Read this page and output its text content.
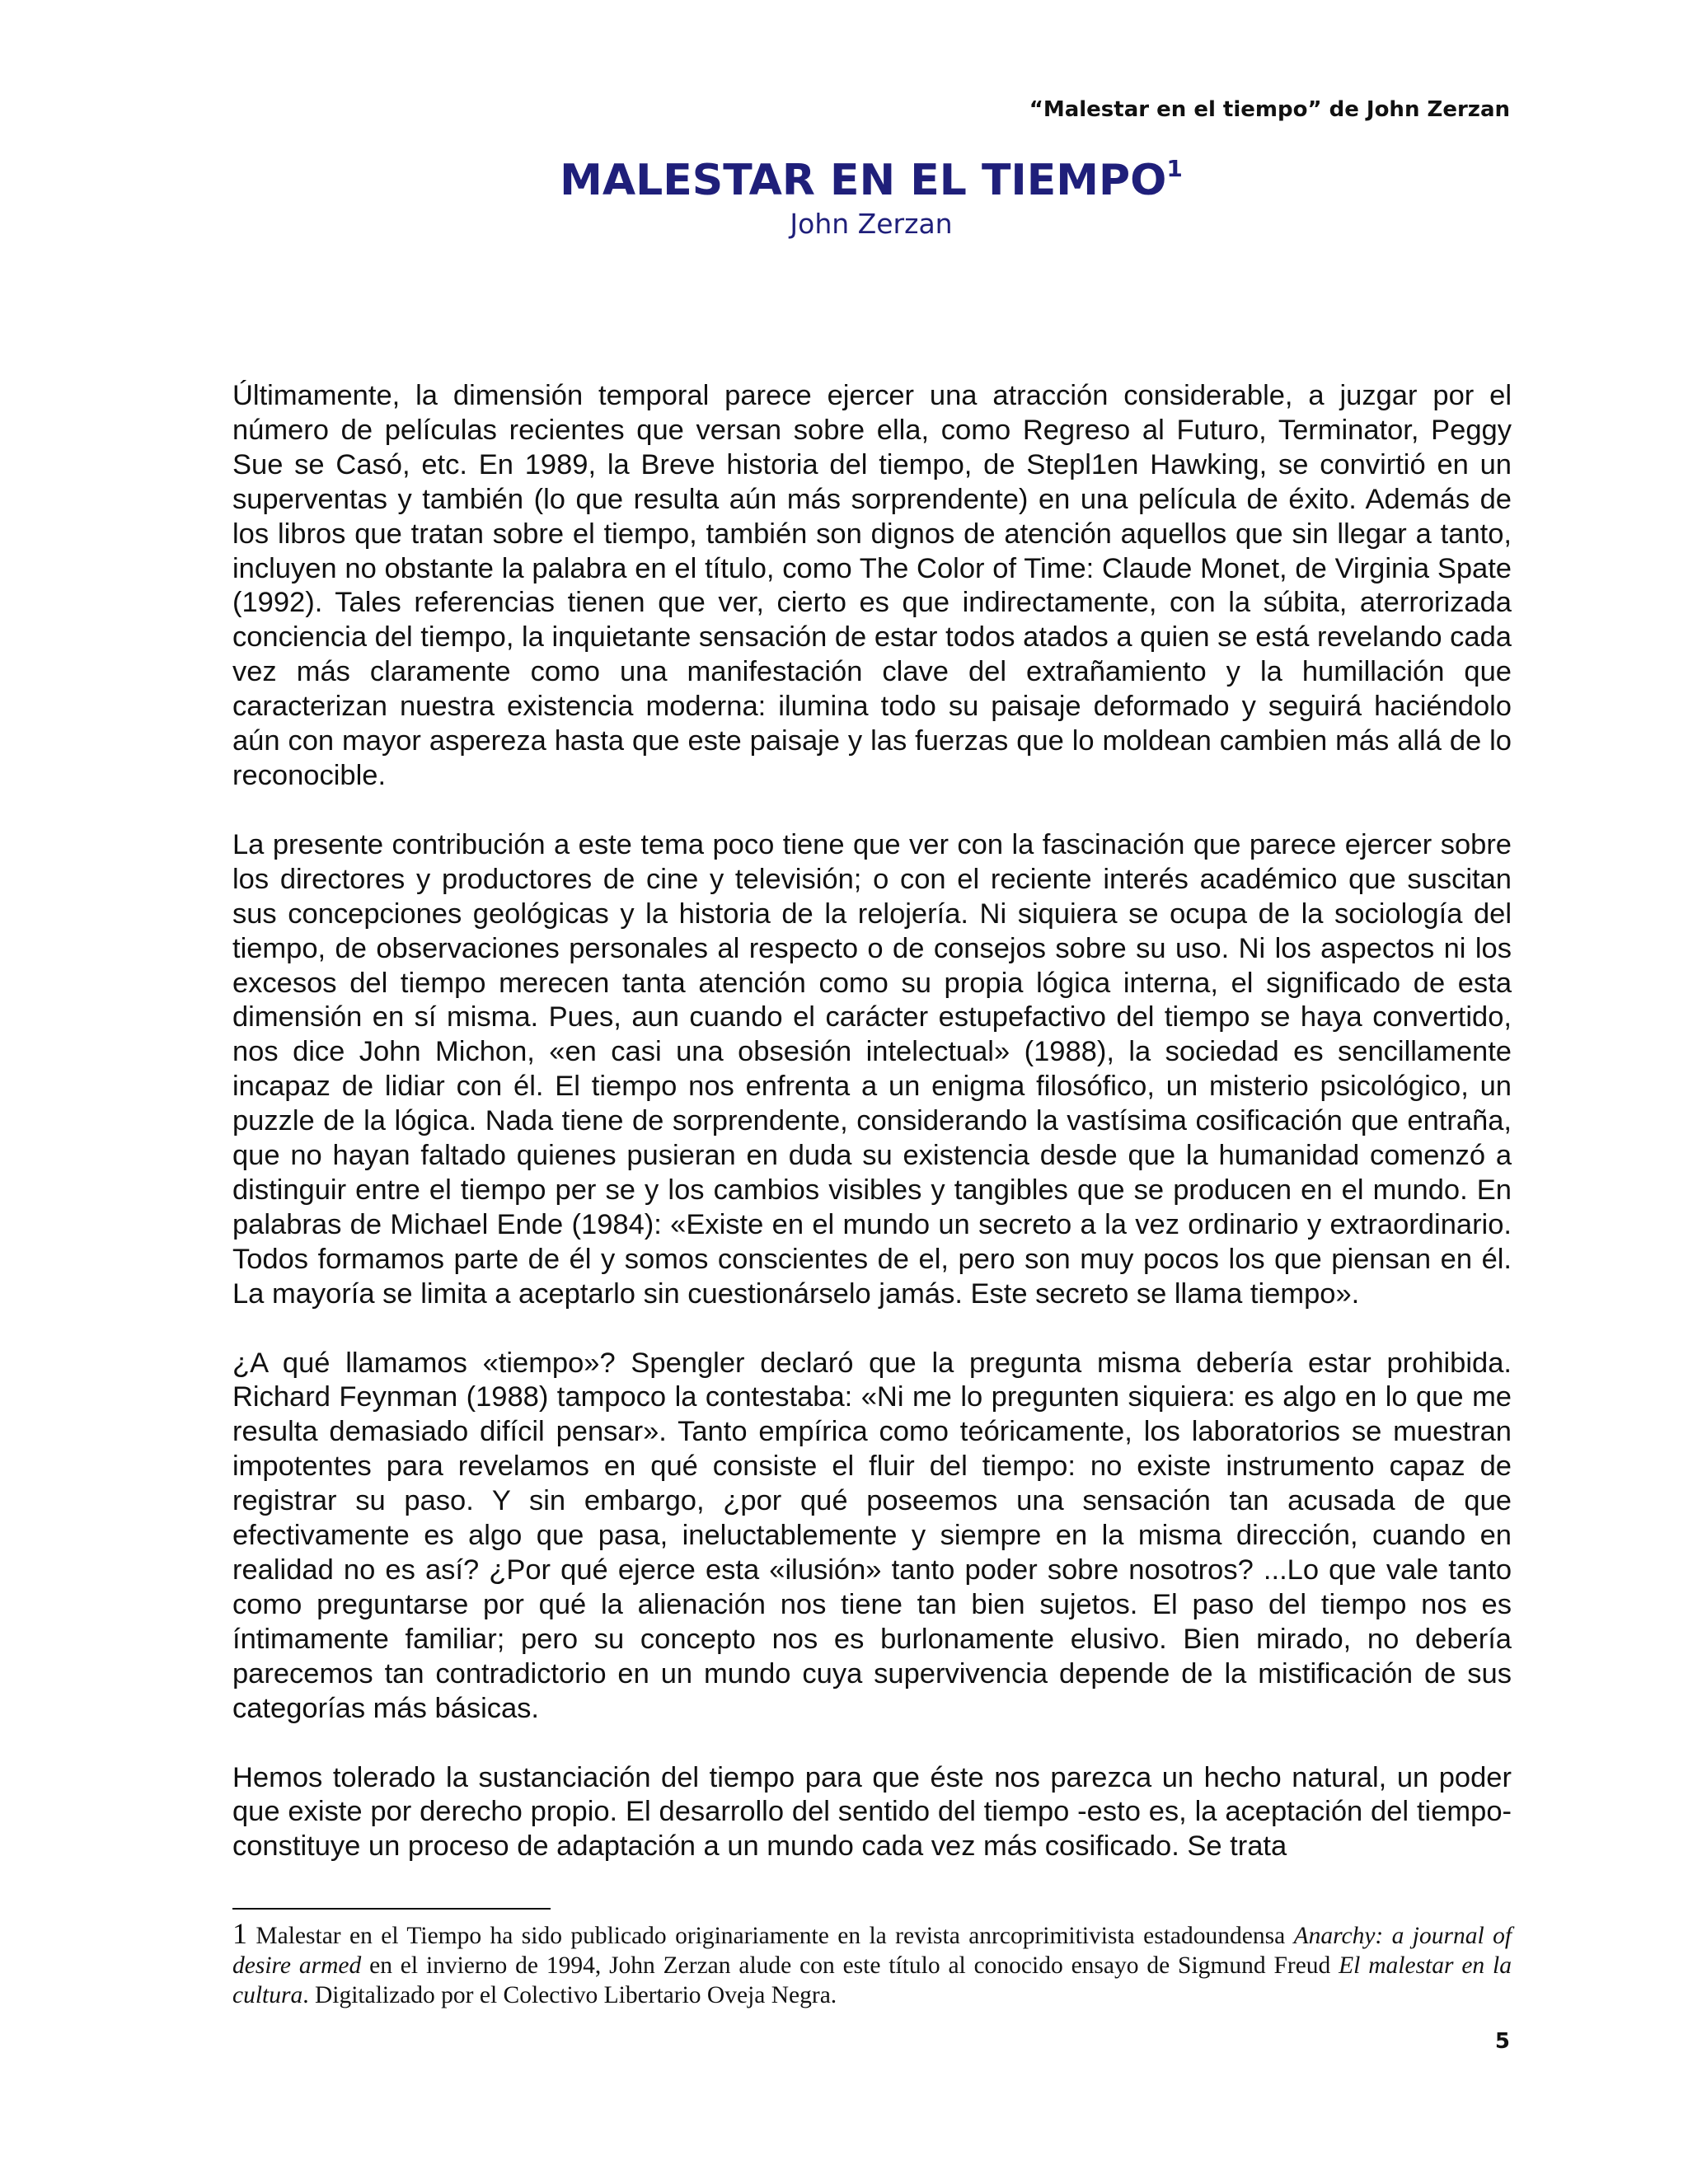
“Malestar en el tiempo” de John Zerzan
MALESTAR EN EL TIEMPO$^1$
John Zerzan

Últimamente, la dimensión temporal parece ejercer una atracción considerable, a juzgar por el número de películas recientes que versan sobre ella, como Regreso al Futuro, Terminator, Peggy Sue se Casó, etc. En 1989, la Breve historia del tiempo, de Stepl1en Hawking, se convirtió en un superventas y también (lo que resulta aún más sorprendente) en una película de éxito. Además de los libros que tratan sobre el tiempo, también son dignos de atención aquellos que sin llegar a tanto, incluyen no obstante la palabra en el título, como The Color of Time: Claude Monet, de Virginia Spate (1992). Tales referencias tienen que ver, cierto es que indirectamente, con la súbita, aterrorizada conciencia del tiempo, la inquietante sensación de estar todos atados a quien se está revelando cada vez más claramente como una manifestación clave del extrañamiento y la humillación que caracterizan nuestra existencia moderna: ilumina todo su paisaje deformado y seguirá haciéndolo aún con mayor aspereza hasta que este paisaje y las fuerzas que lo moldean cambien más allá de lo reconocible.

La presente contribución a este tema poco tiene que ver con la fascinación que parece ejercer sobre los directores y productores de cine y televisión; o con el reciente interés académico que suscitan sus concepciones geológicas y la historia de la relojería. Ni siquiera se ocupa de la sociología del tiempo, de observaciones personales al respecto o de consejos sobre su uso. Ni los aspectos ni los excesos del tiempo merecen tanta atención como su propia lógica interna, el significado de esta dimensión en sí misma. Pues, aun cuando el carácter estupefactivo del tiempo se haya convertido, nos dice John Michon, «en casi una obsesión intelectual» (1988), la sociedad es sencillamente incapaz de lidiar con él. El tiempo nos enfrenta a un enigma filosófico, un misterio psicológico, un puzzle de la lógica. Nada tiene de sorprendente, considerando la vastísima cosificación que entraña, que no hayan faltado quienes pusieran en duda su existencia desde que la humanidad comenzó a distinguir entre el tiempo per se y los cambios visibles y tangibles que se producen en el mundo. En palabras de Michael Ende (1984): «Existe en el mundo un secreto a la vez ordinario y extraordinario. Todos formamos parte de él y somos conscientes de el, pero son muy pocos los que piensan en él. La mayoría se limita a aceptarlo sin cuestionárselo jamás. Este secreto se llama tiempo».

¿A qué llamamos «tiempo»? Spengler declaró que la pregunta misma debería estar prohibida. Richard Feynman (1988) tampoco la contestaba: «Ni me lo pregunten siquiera: es algo en lo que me resulta demasiado difícil pensar». Tanto empírica como teóricamente, los laboratorios se muestran impotentes para revelamos en qué consiste el fluir del tiempo: no existe instrumento capaz de registrar su paso. Y sin embargo, ¿por qué poseemos una sensación tan acusada de que efectivamente es algo que pasa, ineluctablemente y siempre en la misma dirección, cuando en realidad no es así? ¿Por qué ejerce esta «ilusión» tanto poder sobre nosotros? ...Lo que vale tanto como preguntarse por qué la alienación nos tiene tan bien sujetos. El paso del tiempo nos es íntimamente familiar; pero su concepto nos es burlonamente elusivo. Bien mirado, no debería parecemos tan contradictorio en un mundo cuya supervivencia depende de la mistificación de sus categorías más básicas.

Hemos tolerado la sustanciación del tiempo para que éste nos parezca un hecho natural, un poder que existe por derecho propio. El desarrollo del sentido del tiempo -esto es, la aceptación del tiempo- constituye un proceso de adaptación a un mundo cada vez más cosificado. Se trata

1 Malestar en el Tiempo ha sido publicado originariamente en la revista anrcoprimitivista estadoundensa Anarchy: a journal of desire armed en el invierno de 1994, John Zerzan alude con este título al conocido ensayo de Sigmund Freud El malestar en la cultura. Digitalizado por el Colectivo Libertario Oveja Negra.
5
